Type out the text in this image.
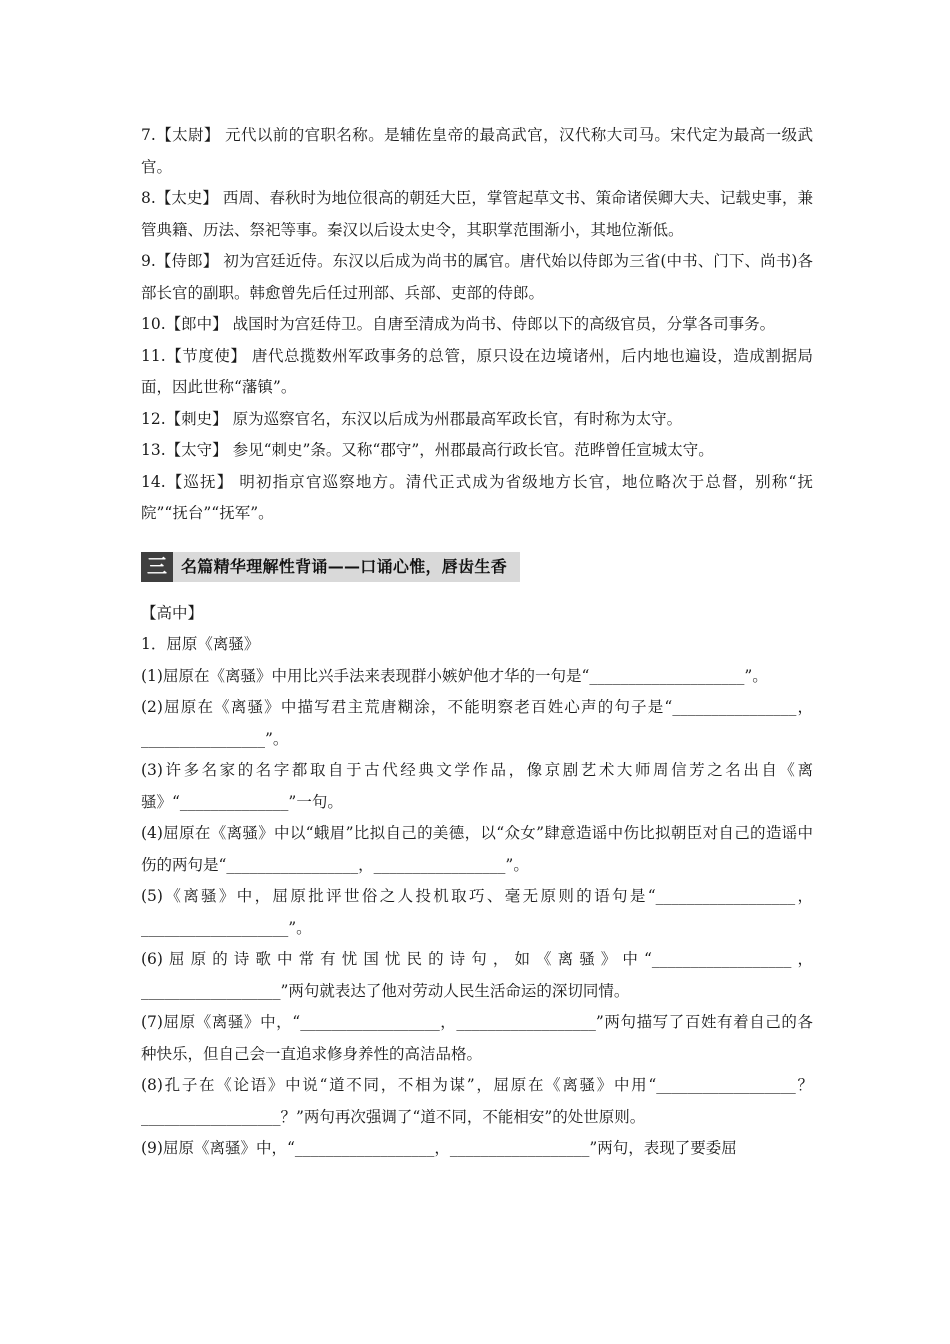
7.【太尉】 元代以前的官职名称。是辅佐皇帝的最高武官，汉代称大司马。宋代定为最高一级武官。

8.【太史】 西周、春秋时为地位很高的朝廷大臣，掌管起草文书、策命诸侯卿大夫、记载史事，兼管典籍、历法、祭祀等事。秦汉以后设太史令，其职掌范围渐小，其地位渐低。

9.【侍郎】 初为宫廷近侍。东汉以后成为尚书的属官。唐代始以侍郎为三省(中书、门下、尚书)各部长官的副职。韩愈曾先后任过刑部、兵部、吏部的侍郎。

10.【郎中】 战国时为宫廷侍卫。自唐至清成为尚书、侍郎以下的高级官员，分掌各司事务。

11.【节度使】 唐代总揽数州军政事务的总管，原只设在边境诸州，后内地也遍设，造成割据局面，因此世称“藩镇”。

12.【刺史】 原为巡察官名，东汉以后成为州郡最高军政长官，有时称为太守。

13.【太守】 参见“刺史”条。又称“郡守”，州郡最高行政长官。范晔曾任宣城太守。

14.【巡抚】 明初指京官巡察地方。清代正式成为省级地方长官，地位略次于总督，别称“抚院”“抚台”“抚军”。

三 名篇精华理解性背诵——口诵心惟，唇齿生香

【高中】

1．屈原《离骚》

(1)屈原在《离骚》中用比兴手法来表现群小嫉妒他才华的一句是“____________________”。

(2)屈原在《离骚》中描写君主荒唐糊涂，不能明察老百姓心声的句子是“________________，________________”。

(3)许多名家的名字都取自于古代经典文学作品，像京剧艺术大师周信芳之名出自《离骚》“______________”一句。

(4)屈原在《离骚》中以“蛾眉”比拟自己的美德，以“众女”肆意造谣中伤比拟朝臣对自己的造谣中伤的两句是“_________________，_________________”。

(5)《离骚》中，屈原批评世俗之人投机取巧、毫无原则的语句是“__________________，___________________”。

(6)屈原的诗歌中常有忧国忧民的诗句，如《离骚》中“__________________，__________________”两句就表达了他对劳动人民生活命运的深切同情。

(7)屈原《离骚》中，“__________________，__________________”两句描写了百姓有着自己的各种快乐，但自己会一直追求修身养性的高洁品格。

(8)孔子在《论语》中说“道不同，不相为谋”，屈原在《离骚》中用“__________________？__________________？”两句再次强调了“道不同，不能相安”的处世原则。

(9)屈原《离骚》中，“__________________，__________________”两句，表现了要委屈
